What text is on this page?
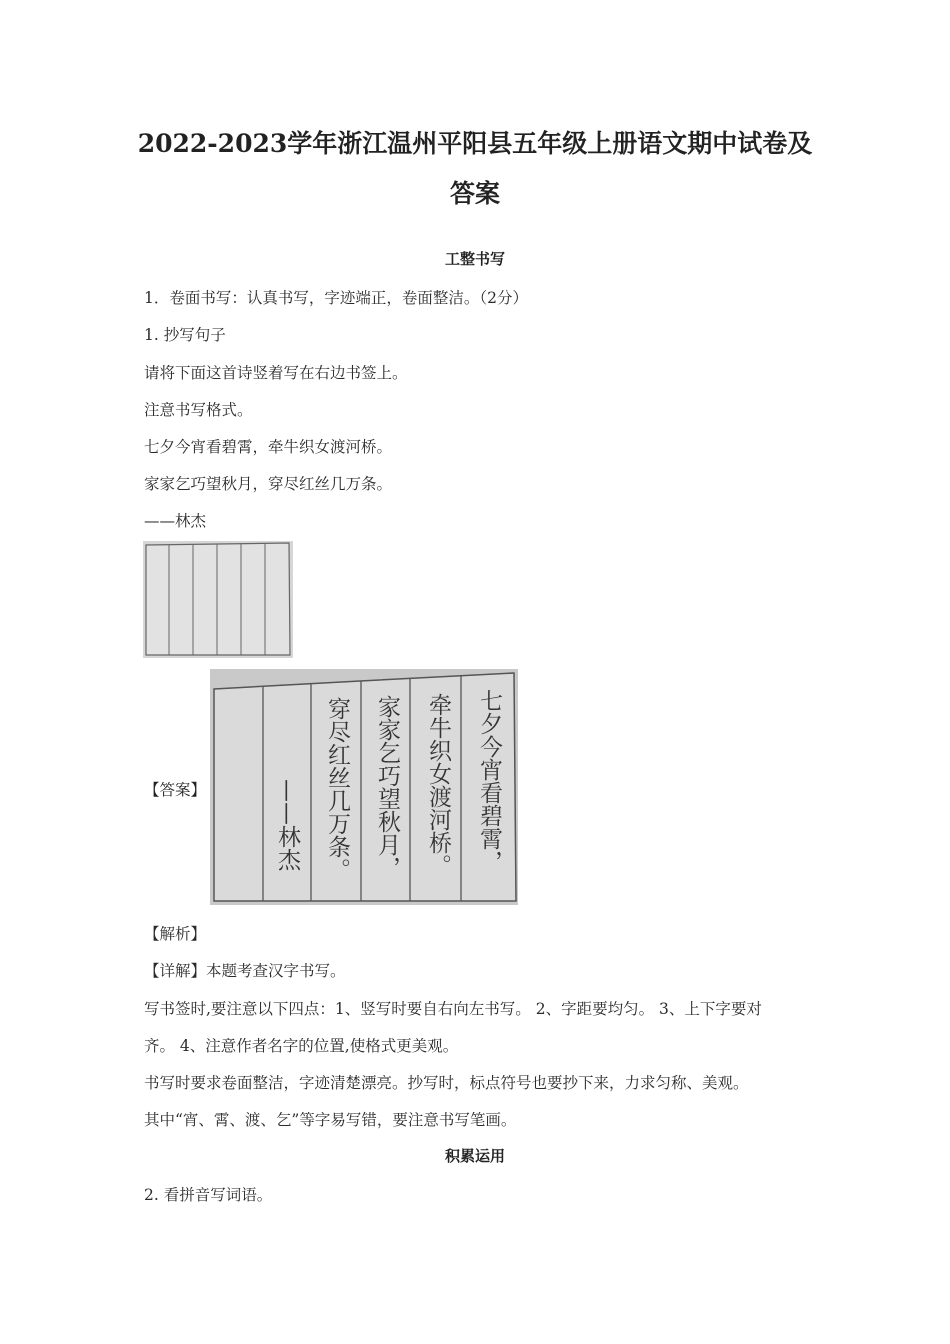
2022-2023学年浙江温州平阳县五年级上册语文期中试卷及
答案
工整书写
1．卷面书写：认真书写，字迹端正，卷面整洁。（2分）
1. 抄写句子
请将下面这首诗竖着写在右边书签上。
注意书写格式。
七夕今宵看碧霄，牵牛织女渡河桥。
家家乞巧望秋月，穿尽红丝几万条。
——林杰
【答案】	七夕今宵看碧霄，
牵牛织女渡河桥。
家家乞巧望秋月，
穿尽红丝几万条。
——林杰
【解析】
【详解】本题考查汉字书写。
写书签时,要注意以下四点：1、竖写时要自右向左书写。 2、字距要均匀。 3、上下字要对
齐。 4、注意作者名字的位置,使格式更美观。
书写时要求卷面整洁，字迹清楚漂亮。抄写时，标点符号也要抄下来，力求匀称、美观。
其中“宵、霄、渡、乞”等字易写错，要注意书写笔画。
积累运用
2. 看拼音写词语。
